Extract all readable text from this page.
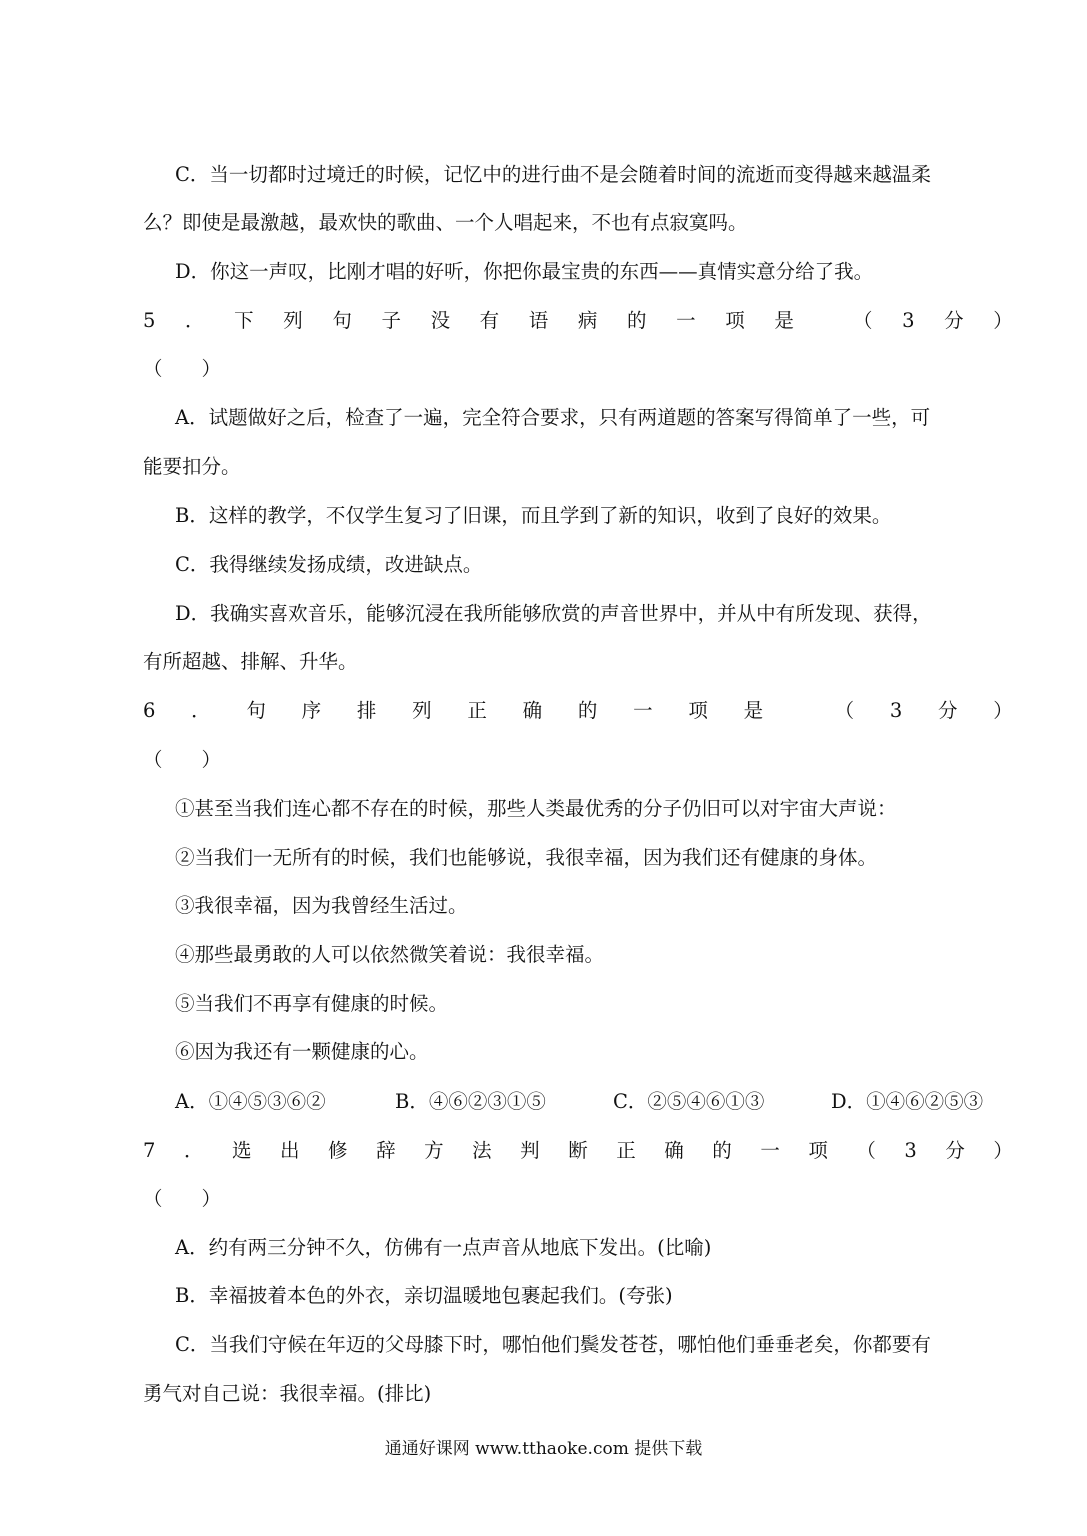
C．当一切都时过境迁的时候，记忆中的进行曲不是会随着时间的流逝而变得越来越温柔
么？即使是最激越，最欢快的歌曲、一个人唱起来，不也有点寂寞吗。
D．你这一声叹，比刚才唱的好听，你把你最宝贵的东西——真情实意分给了我。
5 ． 下 列 句 子 没 有 语 病 的 一 项 是	（ 3 分 ）
（　　）
A．试题做好之后，检查了一遍，完全符合要求，只有两道题的答案写得简单了一些，可
能要扣分。
B．这样的教学，不仅学生复习了旧课，而且学到了新的知识，收到了良好的效果。
C．我得继续发扬成绩，改进缺点。
D．我确实喜欢音乐，能够沉浸在我所能够欣赏的声音世界中，并从中有所发现、获得，
有所超越、排解、升华。
6 ． 句 序 排 列 正 确 的 一 项 是	（ 3 分 ）
（　　）
①甚至当我们连心都不存在的时候，那些人类最优秀的分子仍旧可以对宇宙大声说：
②当我们一无所有的时候，我们也能够说，我很幸福，因为我们还有健康的身体。
③我很幸福，因为我曾经生活过。
④那些最勇敢的人可以依然微笑着说：我很幸福。
⑤当我们不再享有健康的时候。
⑥因为我还有一颗健康的心。
A．①④⑤③⑥②	B．④⑥②③①⑤	C．②⑤④⑥①③	D．①④⑥②⑤③
7 ． 选 出 修 辞 方 法 判 断 正 确 的 一 项 （ 3 分 ）
（　　）
A．约有两三分钟不久，仿佛有一点声音从地底下发出。(比喻)
B．幸福披着本色的外衣，亲切温暖地包裹起我们。(夸张)
C．当我们守候在年迈的父母膝下时，哪怕他们鬓发苍苍，哪怕他们垂垂老矣，你都要有
勇气对自己说：我很幸福。(排比)
通通好课网 www.tthaoke.com 提供下载
